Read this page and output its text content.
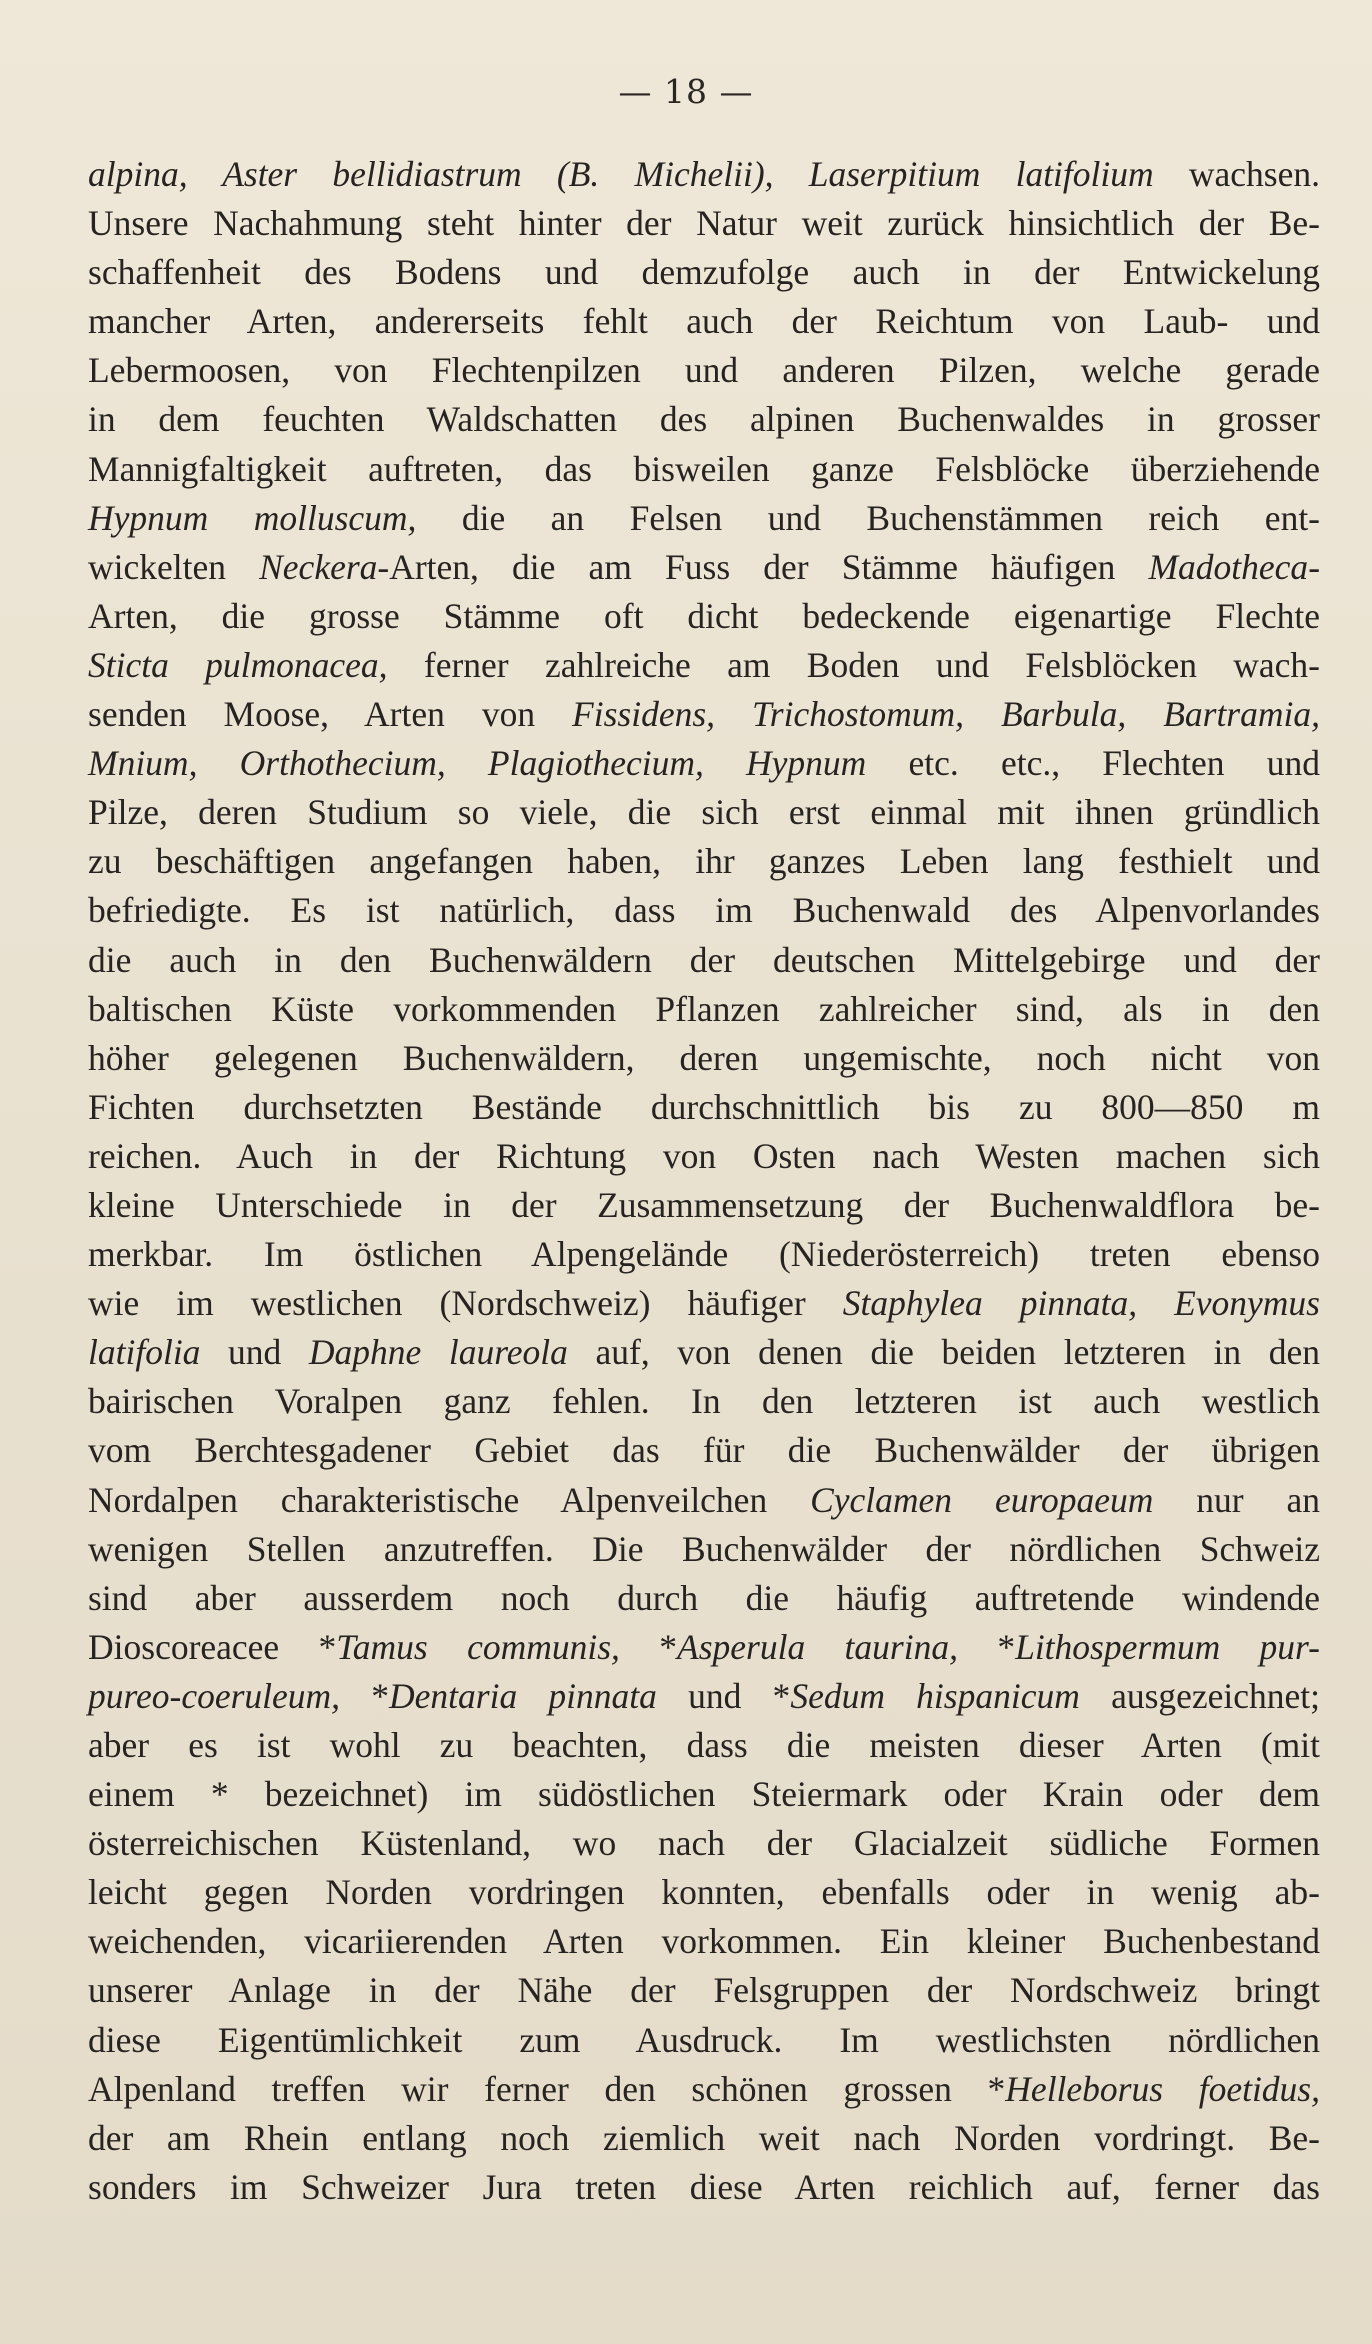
— 18 —
alpina, Aster bellidiastrum (B. Michelii), Laserpitium latifolium wachsen.
Unsere Nachahmung steht hinter der Natur weit zurück hinsichtlich der Be-
schaffenheit des Bodens und demzufolge auch in der Entwickelung
mancher Arten, andererseits fehlt auch der Reichtum von Laub- und
Lebermoosen, von Flechtenpilzen und anderen Pilzen, welche gerade
in dem feuchten Waldschatten des alpinen Buchenwaldes in grosser
Mannigfaltigkeit auftreten, das bisweilen ganze Felsblöcke überziehende
Hypnum molluscum, die an Felsen und Buchenstämmen reich ent-
wickelten Neckera-Arten, die am Fuss der Stämme häufigen Madotheca-
Arten, die grosse Stämme oft dicht bedeckende eigenartige Flechte
Sticta pulmonacea, ferner zahlreiche am Boden und Felsblöcken wach-
senden Moose, Arten von Fissidens, Trichostomum, Barbula, Bartramia,
Mnium, Orthothecium, Plagiothecium, Hypnum etc. etc., Flechten und
Pilze, deren Studium so viele, die sich erst einmal mit ihnen gründlich
zu beschäftigen angefangen haben, ihr ganzes Leben lang festhielt und
befriedigte. Es ist natürlich, dass im Buchenwald des Alpenvorlandes
die auch in den Buchenwäldern der deutschen Mittelgebirge und der
baltischen Küste vorkommenden Pflanzen zahlreicher sind, als in den
höher gelegenen Buchenwäldern, deren ungemischte, noch nicht von
Fichten durchsetzten Bestände durchschnittlich bis zu 800—850 m
reichen. Auch in der Richtung von Osten nach Westen machen sich
kleine Unterschiede in der Zusammensetzung der Buchenwaldflora be-
merkbar. Im östlichen Alpengelände (Niederösterreich) treten ebenso
wie im westlichen (Nordschweiz) häufiger Staphylea pinnata, Evonymus
latifolia und Daphne laureola auf, von denen die beiden letzteren in den
bairischen Voralpen ganz fehlen. In den letzteren ist auch westlich
vom Berchtesgadener Gebiet das für die Buchenwälder der übrigen
Nordalpen charakteristische Alpenveilchen Cyclamen europaeum nur an
wenigen Stellen anzutreffen. Die Buchenwälder der nördlichen Schweiz
sind aber ausserdem noch durch die häufig auftretende windende
Dioscoreacee *Tamus communis, *Asperula taurina, *Lithospermum pur-
pureo-coeruleum, *Dentaria pinnata und *Sedum hispanicum ausgezeichnet;
aber es ist wohl zu beachten, dass die meisten dieser Arten (mit
einem * bezeichnet) im südöstlichen Steiermark oder Krain oder dem
österreichischen Küstenland, wo nach der Glacialzeit südliche Formen
leicht gegen Norden vordringen konnten, ebenfalls oder in wenig ab-
weichenden, vicariierenden Arten vorkommen. Ein kleiner Buchenbestand
unserer Anlage in der Nähe der Felsgruppen der Nordschweiz bringt
diese Eigentümlichkeit zum Ausdruck. Im westlichsten nördlichen
Alpenland treffen wir ferner den schönen grossen *Helleborus foetidus,
der am Rhein entlang noch ziemlich weit nach Norden vordringt. Be-
sonders im Schweizer Jura treten diese Arten reichlich auf, ferner das
